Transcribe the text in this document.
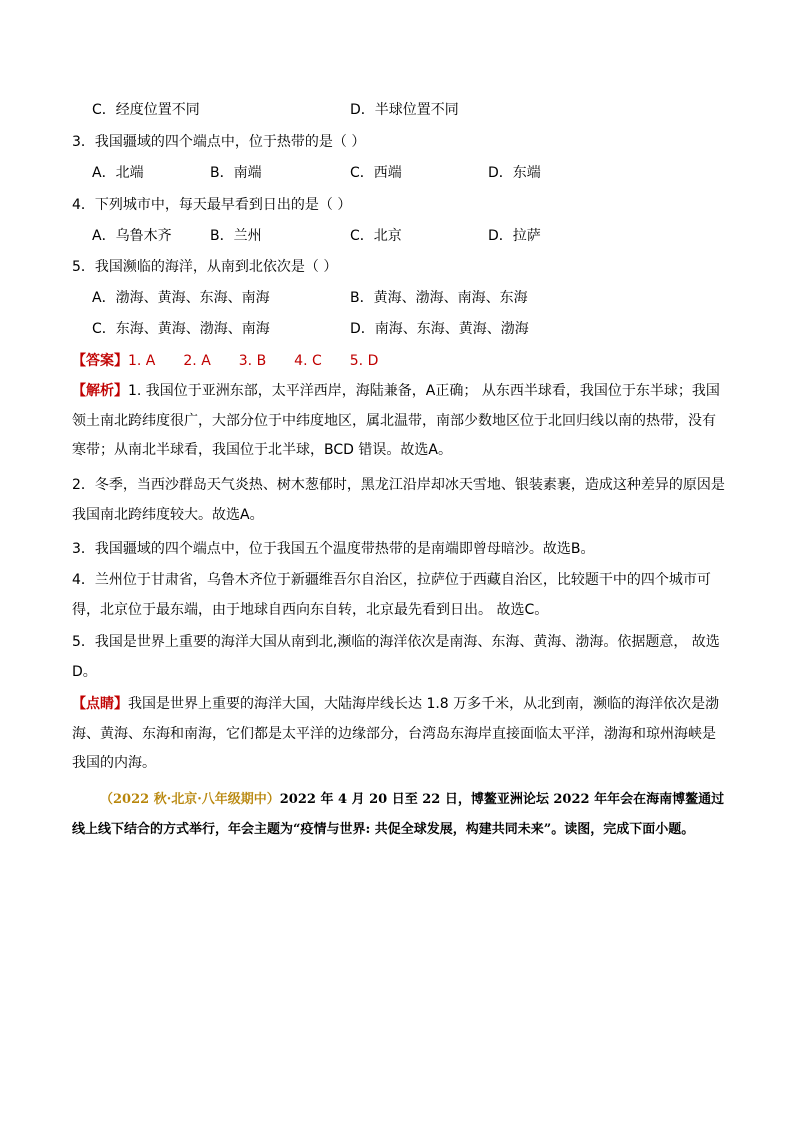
C．经度位置不同	D．半球位置不同
3．我国疆域的四个端点中，位于热带的是（ ）
A．北端	B．南端	C．西端	D．东端
4．下列城市中，每天最早看到日出的是（ ）
A．乌鲁木齐	B．兰州	C．北京	D．拉萨
5．我国濒临的海洋，从南到北依次是（ ）
A．渤海、黄海、东海、南海	B．黄海、渤海、南海、东海
C．东海、黄海、渤海、南海	D．南海、东海、黄海、渤海
【答案】1. A　　2. A　　3. B　　4. C　　5. D
【解析】1. 我国位于亚洲东部，太平洋西岸，海陆兼备，A正确； 从东西半球看，我国位于东半球；我国领土南北跨纬度很广，大部分位于中纬度地区，属北温带，南部少数地区位于北回归线以南的热带，没有寒带；从南北半球看，我国位于北半球，BCD 错误。故选A。
2．冬季，当西沙群岛天气炎热、树木葱郁时，黑龙江沿岸却冰天雪地、银装素裹，造成这种差异的原因是我国南北跨纬度较大。故选A。
3．我国疆域的四个端点中，位于我国五个温度带热带的是南端即曾母暗沙。故选B。
4．兰州位于甘肃省，乌鲁木齐位于新疆维吾尔自治区，拉萨位于西藏自治区，比较题干中的四个城市可得，北京位于最东端，由于地球自西向东自转，北京最先看到日出。 故选C。
5．我国是世界上重要的海洋大国从南到北,濒临的海洋依次是南海、东海、黄海、渤海。依据题意， 故选D。
【点睛】我国是世界上重要的海洋大国，大陆海岸线长达 1.8 万多千米，从北到南，濒临的海洋依次是渤海、黄海、东海和南海，它们都是太平洋的边缘部分，台湾岛东海岸直接面临太平洋，渤海和琼州海峡是我国的内海。
（2022 秋·北京·八年级期中）2022 年 4 月 20 日至 22 日，博鳌亚洲论坛 2022 年年会在海南博鳌通过线上线下结合的方式举行，年会主题为“疫情与世界: 共促全球发展，构建共同未来”。读图，完成下面小题。
